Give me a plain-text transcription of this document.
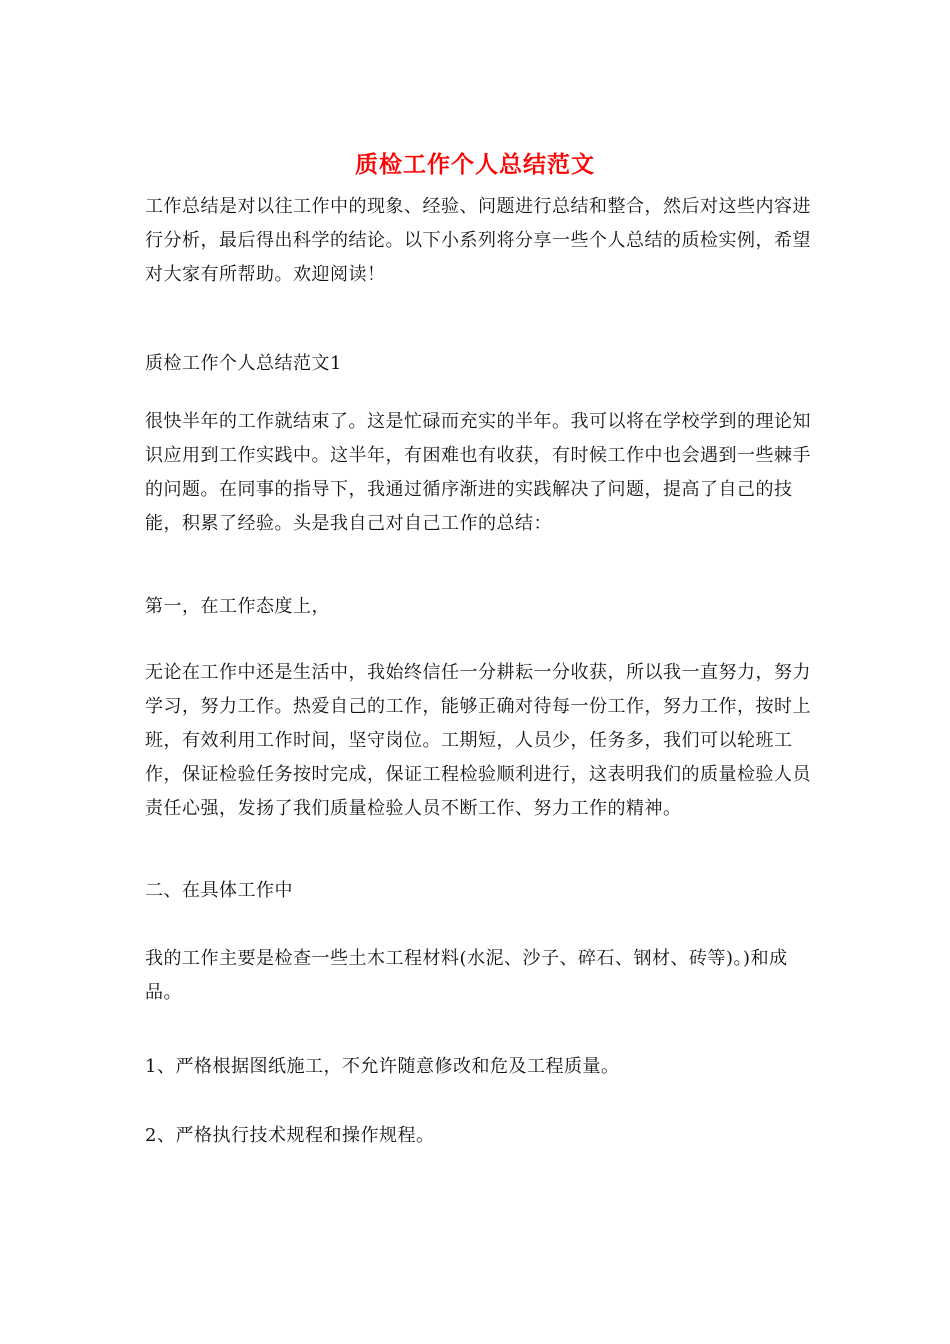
质检工作个人总结范文

工作总结是对以往工作中的现象、经验、问题进行总结和整合，然后对这些内容进行分析，最后得出科学的结论。以下小系列将分享一些个人总结的质检实例，希望对大家有所帮助。欢迎阅读！

质检工作个人总结范文1

很快半年的工作就结束了。这是忙碌而充实的半年。我可以将在学校学到的理论知识应用到工作实践中。这半年，有困难也有收获，有时候工作中也会遇到一些棘手的问题。在同事的指导下，我通过循序渐进的实践解决了问题，提高了自己的技能，积累了经验。头是我自己对自己工作的总结：

第一，在工作态度上，

无论在工作中还是生活中，我始终信任一分耕耘一分收获，所以我一直努力，努力学习，努力工作。热爱自己的工作，能够正确对待每一份工作，努力工作，按时上班，有效利用工作时间，坚守岗位。工期短，人员少，任务多，我们可以轮班工作，保证检验任务按时完成，保证工程检验顺利进行，这表明我们的质量检验人员责任心强，发扬了我们质量检验人员不断工作、努力工作的精神。

二、在具体工作中

我的工作主要是检查一些土木工程材料(水泥、沙子、碎石、钢材、砖等)。)和成品。

1、严格根据图纸施工，不允许随意修改和危及工程质量。

2、严格执行技术规程和操作规程。
